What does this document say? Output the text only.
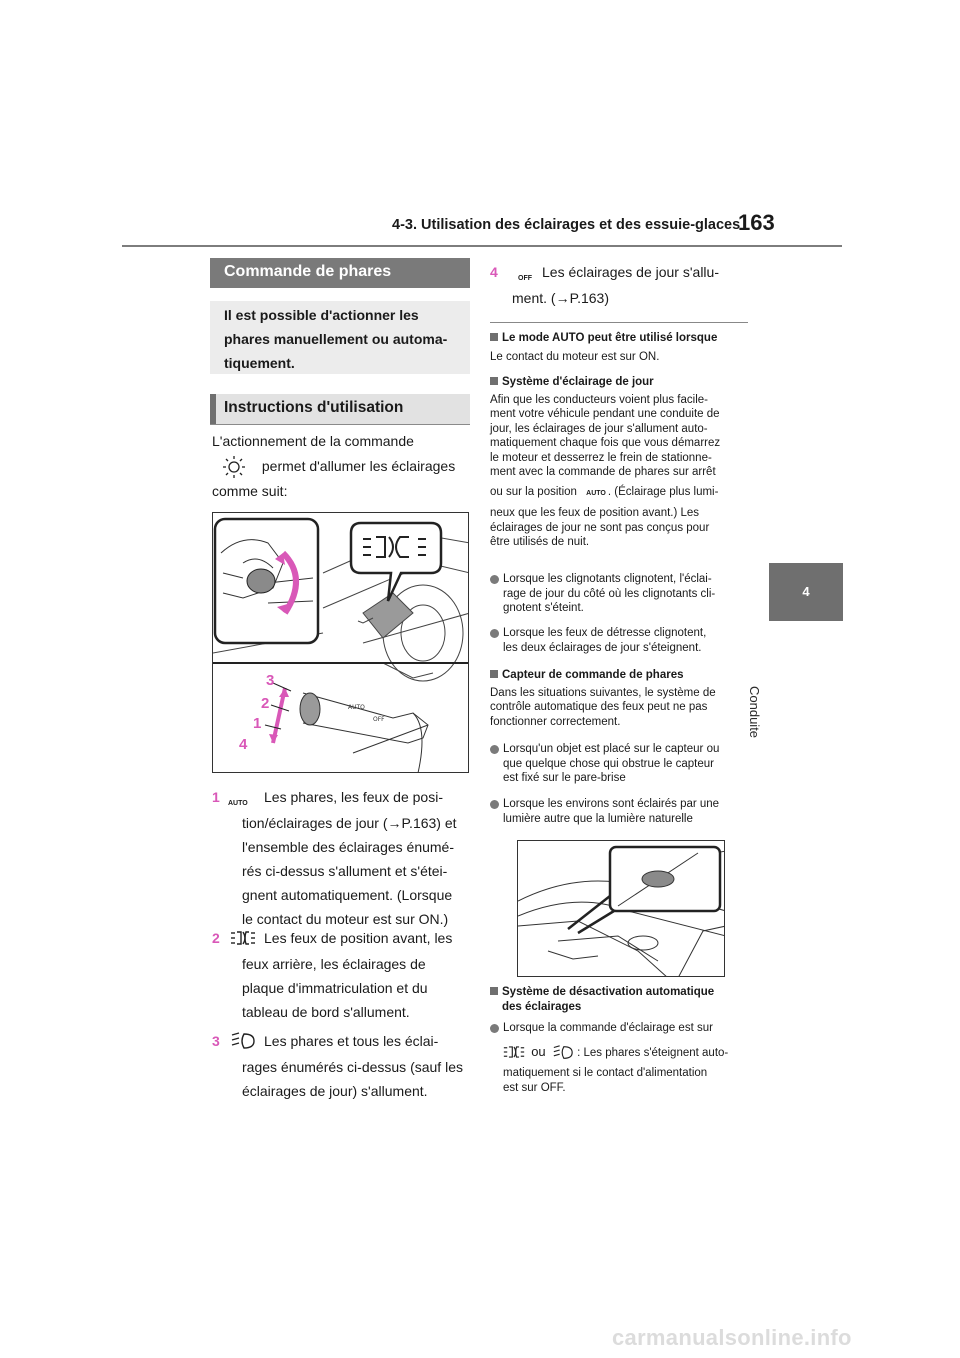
4-3. Utilisation des éclairages et des essuie-glaces
163
4
Conduite
Commande de phares
Il est possible d'actionner les
phares manuellement ou automa-
tiquement.
Instructions d'utilisation
L'actionnement de la commande
permet d'allumer les éclairages
comme suit:
AUTO
OFF
3
2
1
4
1 AUTO Les phares, les feux de posi-
tion/éclairages de jour (→P.163) et
l'ensemble des éclairages énumé-
rés ci-dessus s'allument et s'étei-
gnent automatiquement. (Lorsque
le contact du moteur est sur ON.)
2	Les feux de position avant, les
feux arrière, les éclairages de
plaque d'immatriculation et du
tableau de bord s'allument.
3	Les phares et tous les éclai-
rages énumérés ci-dessus (sauf les
éclairages de jour) s'allument.
4	OFF Les éclairages de jour s'allu-
ment. (→P.163)
Le mode AUTO peut être utilisé lorsque
Le contact du moteur est sur ON.
Système d'éclairage de jour
Afin que les conducteurs voient plus facile-
ment votre véhicule pendant une conduite de
jour, les éclairages de jour s'allument auto-
matiquement chaque fois que vous démarrez
le moteur et desserrez le frein de stationne-
ment avec la commande de phares sur arrêt
ou sur la position AUTO . (Éclairage plus lumi-
neux que les feux de position avant.) Les
éclairages de jour ne sont pas conçus pour
être utilisés de nuit.
Lorsque les clignotants clignotent, l'éclai-
rage de jour du côté où les clignotants cli-
gnotent s'éteint.
Lorsque les feux de détresse clignotent,
les deux éclairages de jour s'éteignent.
Capteur de commande de phares
Dans les situations suivantes, le système de
contrôle automatique des feux peut ne pas
fonctionner correctement.
Lorsqu'un objet est placé sur le capteur ou
que quelque chose qui obstrue le capteur
est fixé sur le pare-brise
Lorsque les environs sont éclairés par une
lumière autre que la lumière naturelle
Système de désactivation automatique
des éclairages
Lorsque la commande d'éclairage est sur
ou	: Les phares s'éteignent auto-
matiquement si le contact d'alimentation
est sur OFF.
carmanualsonline.info
